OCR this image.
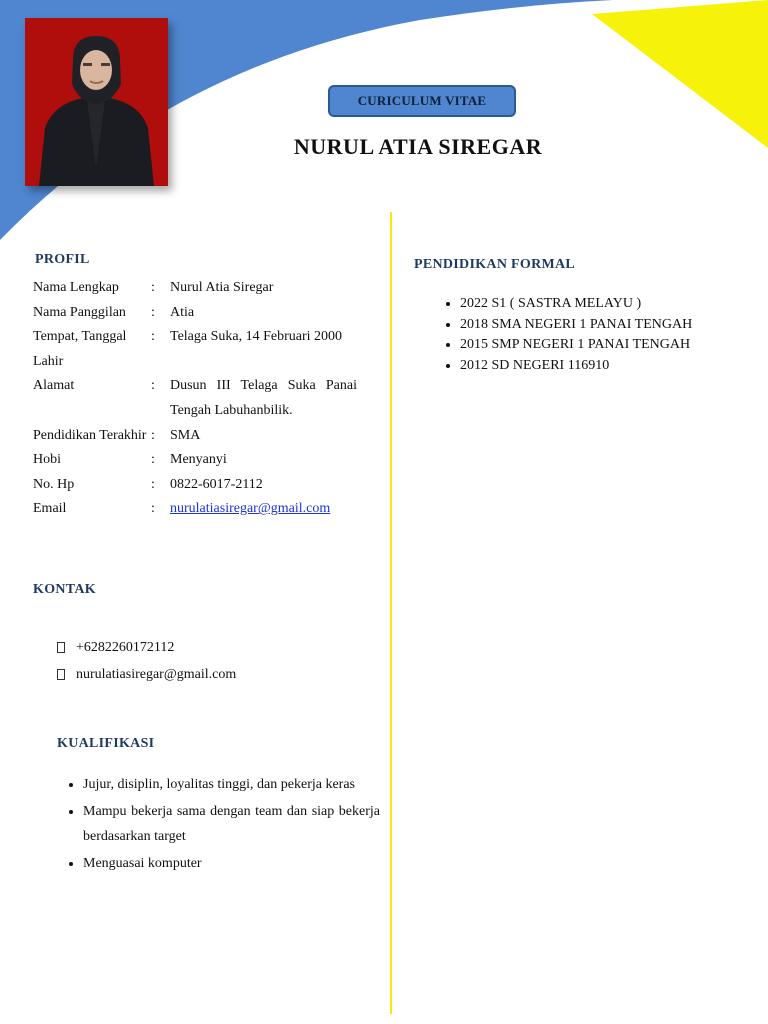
CURICULUM VITAE
NURUL ATIA SIREGAR
PROFIL
Nama Lengkap	:	Nurul Atia Siregar
Nama Panggilan	:	Atia
Tempat, Tanggal Lahir	:	Telaga Suka, 14 Februari 2000
Alamat	:	Dusun III Telaga Suka Panai Tengah Labuhanbilik.
Pendidikan Terakhir	:	SMA
Hobi	:	Menyanyi
No. Hp	:	0822-6017-2112
Email	:	nurulatiasiregar@gmail.com
KONTAK
+6282260172112
nurulatiasiregar@gmail.com
KUALIFIKASI
• Jujur, disiplin, loyalitas tinggi, dan pekerja keras
• Mampu bekerja sama dengan team dan siap bekerja berdasarkan target
• Menguasai komputer
PENDIDIKAN FORMAL
• 2022 S1 ( SASTRA MELAYU )
• 2018 SMA NEGERI 1 PANAI TENGAH
• 2015 SMP NEGERI 1 PANAI TENGAH
• 2012 SD NEGERI 116910
